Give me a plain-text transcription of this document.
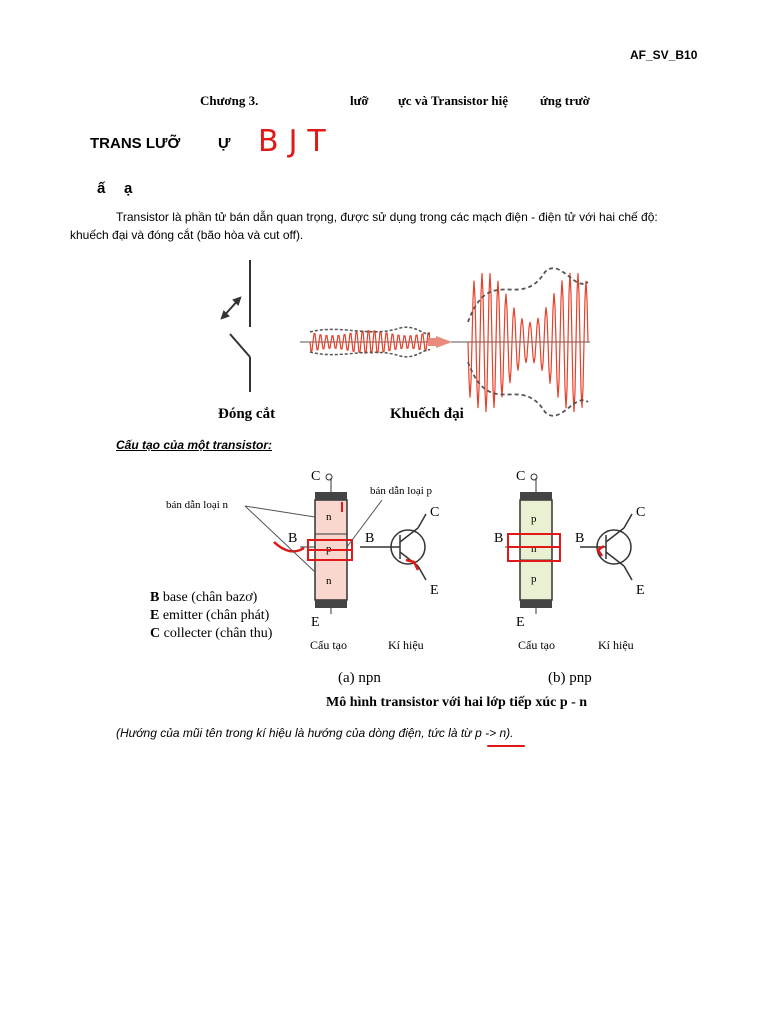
AF_SV_B10
Chương 3.	lưỡ ực và Transistor hiệ ứng trườ
TRANS LƯỠ	Ự BJT
ấ ạ
Transistor là phần tử bán dẫn quan trọng, được sử dụng trong các mạch điện - điện tử với hai chế độ:
khuếch đại và đóng cắt (bão hòa và cut off).
Đóng cắt	Khuếch đại
Cấu tạo của một transistor:
n
p
n
C
B
E
bán dẫn loại n
bán dẫn loại p
B
C
E
Cấu tạo	Kí hiệu
p
n
p
C
B
E
B
C
E
Cấu tạo	Kí hiệu
(a) npn	(b) pnp
Mô hình transistor với hai lớp tiếp xúc p - n
B base (chân bazơ)
E emitter (chân phát)
C collecter (chân thu)
(Hướng của mũi tên trong kí hiệu là hướng của dòng điện, tức là từ p -> n).
